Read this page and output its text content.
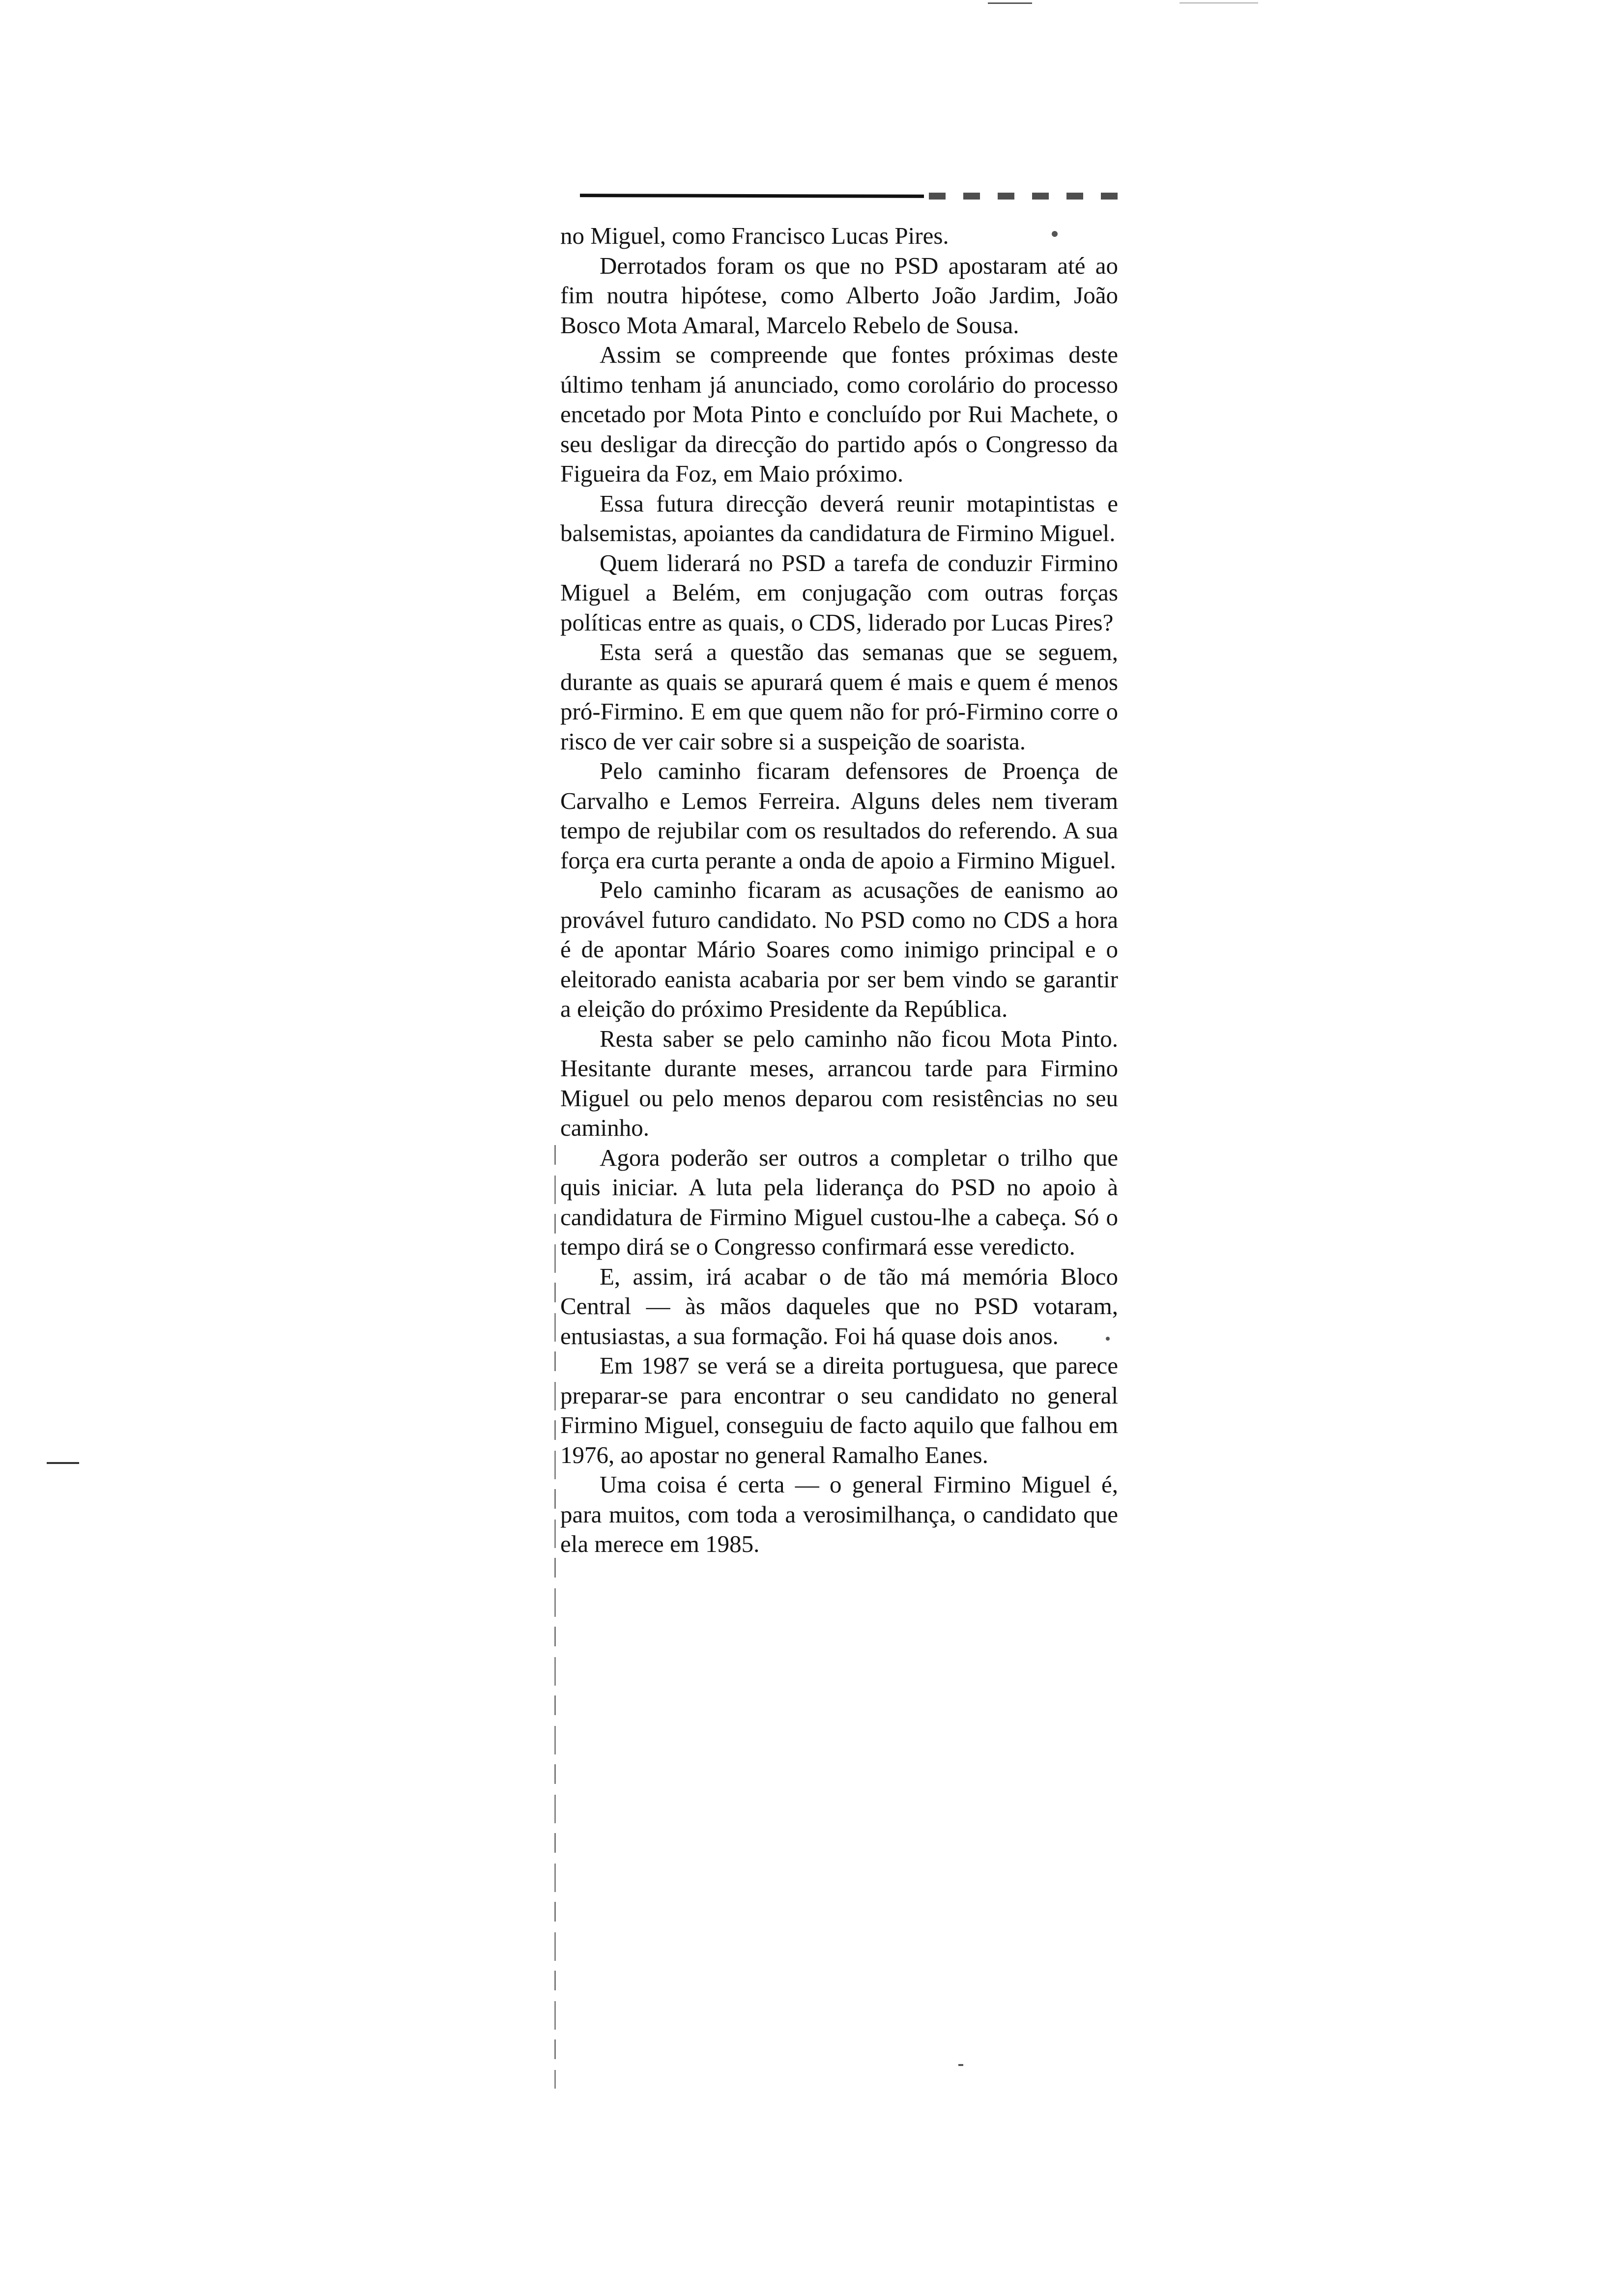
no Miguel, como Francisco Lucas Pires.

Derrotados foram os que no PSD apostaram até ao fim noutra hipótese, como Alberto João Jardim, João Bosco Mota Amaral, Marcelo Rebelo de Sousa.

Assim se compreende que fontes próximas deste último tenham já anunciado, como corolário do processo encetado por Mota Pinto e concluído por Rui Machete, o seu desligar da direcção do partido após o Congresso da Figueira da Foz, em Maio próximo.

Essa futura direcção deverá reunir motapintistas e balsemistas, apoiantes da candidatura de Firmino Miguel.

Quem liderará no PSD a tarefa de conduzir Firmino Miguel a Belém, em conjugação com outras forças políticas entre as quais, o CDS, liderado por Lucas Pires?

Esta será a questão das semanas que se seguem, durante as quais se apurará quem é mais e quem é menos pró-Firmino. E em que quem não for pró-Firmino corre o risco de ver cair sobre si a suspeição de soarista.

Pelo caminho ficaram defensores de Proença de Carvalho e Lemos Ferreira. Alguns deles nem tiveram tempo de rejubilar com os resultados do referendo. A sua força era curta perante a onda de apoio a Firmino Miguel.

Pelo caminho ficaram as acusações de eanismo ao provável futuro candidato. No PSD como no CDS a hora é de apontar Mário Soares como inimigo principal e o eleitorado eanista acabaria por ser bem vindo se garantir a eleição do próximo Presidente da República.

Resta saber se pelo caminho não ficou Mota Pinto. Hesitante durante meses, arrancou tarde para Firmino Miguel ou pelo menos deparou com resistências no seu caminho.

Agora poderão ser outros a completar o trilho que quis iniciar. A luta pela liderança do PSD no apoio à candidatura de Firmino Miguel custou-lhe a cabeça. Só o tempo dirá se o Congresso confirmará esse veredicto.

E, assim, irá acabar o de tão má memória Bloco Central — às mãos daqueles que no PSD votaram, entusiastas, a sua formação. Foi há quase dois anos.

Em 1987 se verá se a direita portuguesa, que parece preparar-se para encontrar o seu candidato no general Firmino Miguel, conseguiu de facto aquilo que falhou em 1976, ao apostar no general Ramalho Eanes.

Uma coisa é certa — o general Firmino Miguel é, para muitos, com toda a verosimilhança, o candidato que ela merece em 1985.
